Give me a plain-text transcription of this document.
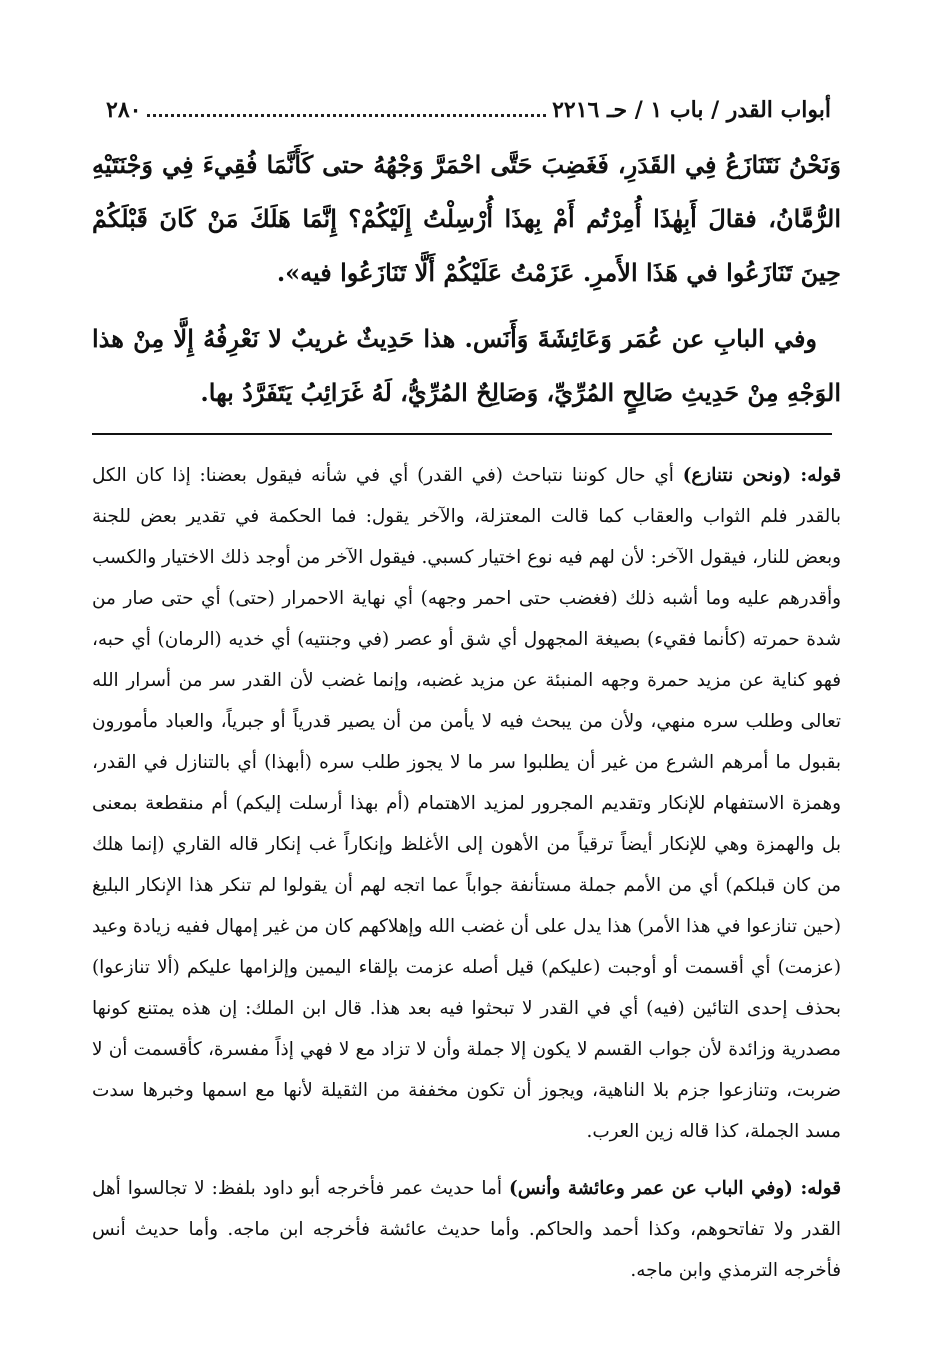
أبواب القدر / باب ١ / حـ ٢٢١٦
٢٨٠

وَنَحْنُ نَتَنَازَعُ فِي القَدَرِ، فَغَضِبَ حَتَّى احْمَرَّ وَجْهُهُ حتى كَأَنَّمَا فُقِيءَ فِي وَجْنَتَيْهِ الرُّمَّانُ، فقالَ أَبِهٰذَا أُمِرْتُم أَمْ بِهذَا أُرْسِلْتُ إِلَيْكُمْ؟ إِنَّمَا هَلَكَ مَنْ كَانَ قَبْلَكُمْ حِينَ تَنَازَعُوا في هَذَا الأَمرِ. عَزَمْتُ عَلَيْكُمْ أَلَّا تَنَازَعُوا فيه».

وفي البابِ عن عُمَر وَعَائِشَةَ وَأَنَس. هذا حَدِيثٌ غريبٌ لا نَعْرِفُهُ إِلَّا مِنْ هذا الوَجْهِ مِنْ حَدِيثِ صَالِحٍ المُرِّيِّ، وَصَالِحٌ المُرِّيُّ، لَهُ غَرَائِبُ يَتَفَرَّدُ بها.

قوله: (ونحن نتنازع) أي حال كوننا نتباحث (في القدر) أي في شأنه فيقول بعضنا: إذا كان الكل بالقدر فلم الثواب والعقاب كما قالت المعتزلة، والآخر يقول: فما الحكمة في تقدير بعض للجنة وبعض للنار، فيقول الآخر: لأن لهم فيه نوع اختيار كسبي. فيقول الآخر من أوجد ذلك الاختيار والكسب وأقدرهم عليه وما أشبه ذلك (فغضب حتى احمر وجهه) أي نهاية الاحمرار (حتى) أي حتى صار من شدة حمرته (كأنما فقيء) بصيغة المجهول أي شق أو عصر (في وجنتيه) أي خديه (الرمان) أي حبه، فهو كناية عن مزيد حمرة وجهه المنبئة عن مزيد غضبه، وإنما غضب لأن القدر سر من أسرار الله تعالى وطلب سره منهي، ولأن من يبحث فيه لا يأمن من أن يصير قدرياً أو جبرياً، والعباد مأمورون بقبول ما أمرهم الشرع من غير أن يطلبوا سر ما لا يجوز طلب سره (أبهذا) أي بالتنازل في القدر، وهمزة الاستفهام للإنكار وتقديم المجرور لمزيد الاهتمام (أم بهذا أرسلت إليكم) أم منقطعة بمعنى بل والهمزة وهي للإنكار أيضاً ترقياً من الأهون إلى الأغلظ وإنكاراً غب إنكار قاله القاري (إنما هلك من كان قبلكم) أي من الأمم جملة مستأنفة جواباً عما اتجه لهم أن يقولوا لم تنكر هذا الإنكار البليغ (حين تنازعوا في هذا الأمر) هذا يدل على أن غضب الله وإهلاكهم كان من غير إمهال ففيه زيادة وعيد (عزمت) أي أقسمت أو أوجبت (عليكم) قيل أصله عزمت بإلقاء اليمين وإلزامها عليكم (ألا تنازعوا) بحذف إحدى التائين (فيه) أي في القدر لا تبحثوا فيه بعد هذا. قال ابن الملك: إن هذه يمتنع كونها مصدرية وزائدة لأن جواب القسم لا يكون إلا جملة وأن لا تزاد مع لا فهي إذاً مفسرة، كأقسمت أن لا ضربت، وتنازعوا جزم بلا الناهية، ويجوز أن تكون مخففة من الثقيلة لأنها مع اسمها وخبرها سدت مسد الجملة، كذا قاله زين العرب.

قوله: (وفي الباب عن عمر وعائشة وأنس) أما حديث عمر فأخرجه أبو داود بلفظ: لا تجالسوا أهل القدر ولا تفاتحوهم، وكذا أحمد والحاكم. وأما حديث عائشة فأخرجه ابن ماجه. وأما حديث أنس فأخرجه الترمذي وابن ماجه.
